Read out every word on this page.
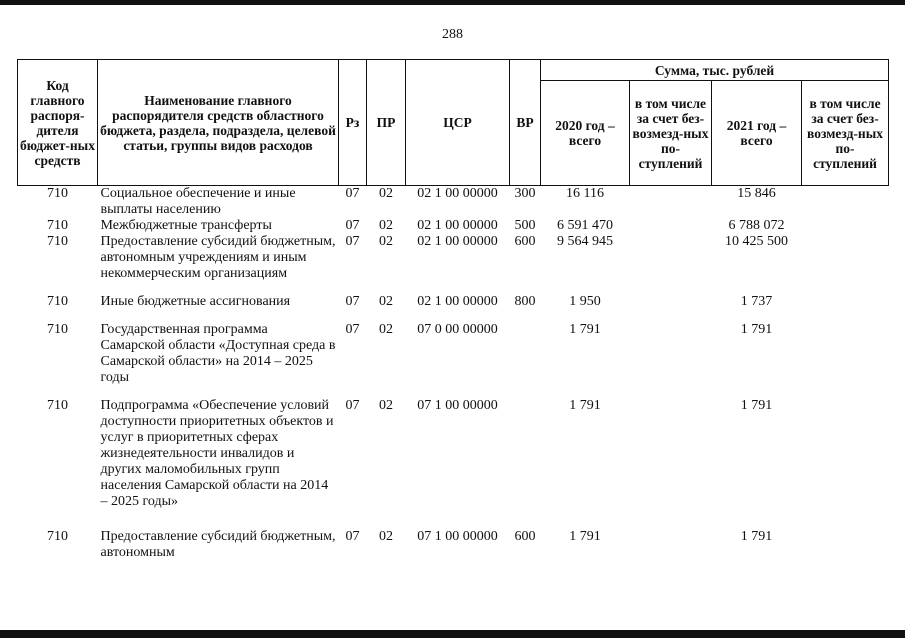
288
Код главного распоря-дителя бюджет-ных средств	Наименование главного распорядителя средств областного бюджета, раздела, подраздела, целевой статьи, группы видов расходов	Рз	ПР	ЦСР	ВР	Сумма, тыс. рублей			
						2020 год – всего	в том числе за счет без-возмезд-ных по-ступлений	2021 год – всего	в том числе за счет без-возмезд-ных по-ступлений
710	Социальное обеспечение и иные выплаты населению	07	02	02 1 00 00000	300	16 116		15 846	
710	Межбюджетные трансферты	07	02	02 1 00 00000	500	6 591 470		6 788 072	
710	Предоставление субсидий бюджетным, автономным учреждениям и иным некоммерческим организациям	07	02	02 1 00 00000	600	9 564 945		10 425 500	
710	Иные бюджетные ассигнования	07	02	02 1 00 00000	800	1 950		1 737	
710	Государственная программа Самарской области «Доступная среда в Самарской области» на 2014 – 2025 годы	07	02	07 0 00 00000		1 791		1 791	
710	Подпрограмма «Обеспечение условий доступности приоритетных объектов и услуг в приоритетных сферах жизнедеятельности инвалидов и других маломобильных групп населения Самарской области на 2014 – 2025 годы»	07	02	07 1 00 00000		1 791		1 791	
710	Предоставление субсидий бюджетным, автономным	07	02	07 1 00 00000	600	1 791		1 791	
